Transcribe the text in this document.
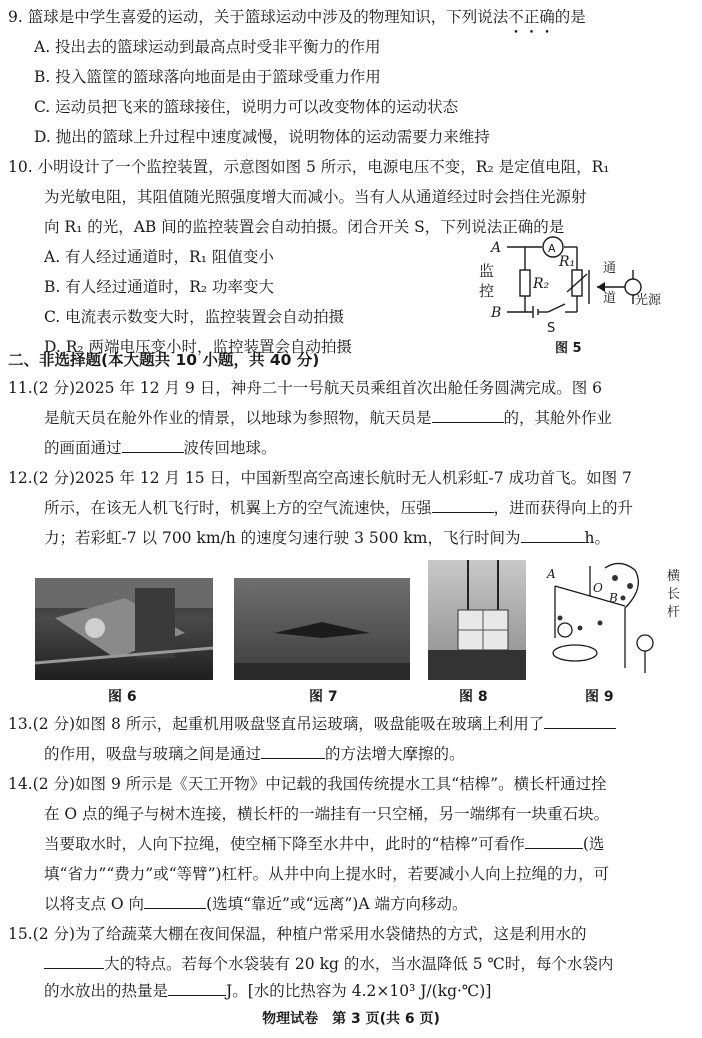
9. 篮球是中学生喜爱的运动，关于篮球运动中涉及的物理知识，下列说法不正确的是
A. 投出去的篮球运动到最高点时受非平衡力的作用
B. 投入篮筐的篮球落向地面是由于篮球受重力作用
C. 运动员把飞来的篮球接住，说明力可以改变物体的运动状态
D. 抛出的篮球上升过程中速度减慢，说明物体的运动需要力来维持
10. 小明设计了一个监控装置，示意图如图 5 所示，电源电压不变，R₂ 是定值电阻，R₁
为光敏电阻，其阻值随光照强度增大而减小。当有人从通道经过时会挡住光源射
向 R₁ 的光，AB 间的监控装置会自动拍摄。闭合开关 S，下列说法正确的是
A. 有人经过通道时，R₁ 阻值变小
B. 有人经过通道时，R₂ 功率变大
C. 电流表示数变大时，监控装置会自动拍摄
D. R₂ 两端电压变小时，监控装置会自动拍摄
A
B
R₂
R₁
A
监
控
S
通
道 光源
图 5
二、非选择题(本大题共 10 小题，共 40 分)
11.(2 分)2025 年 12 月 9 日，神舟二十一号航天员乘组首次出舱任务圆满完成。图 6
是航天员在舱外作业的情景，以地球为参照物，航天员是	的，其舱外作业
的画面通过	波传回地球。
12.(2 分)2025 年 12 月 15 日，中国新型高空高速长航时无人机彩虹-7 成功首飞。如图 7
所示，在该无人机飞行时，机翼上方的空气流速快，压强	，进而获得向上的升
力；若彩虹-7 以 700 km/h 的速度匀速行驶 3 500 km，飞行时间为	h。
A
O
B
横
长
杆
图 6	图 7	图 8	图 9
13.(2 分)如图 8 所示，起重机用吸盘竖直吊运玻璃，吸盘能吸在玻璃上利用了
的作用，吸盘与玻璃之间是通过	的方法增大摩擦的。
14.(2 分)如图 9 所示是《天工开物》中记载的我国传统提水工具“桔槔”。横长杆通过拴
在 O 点的绳子与树木连接，横长杆的一端挂有一只空桶，另一端绑有一块重石块。
当要取水时，人向下拉绳，使空桶下降至水井中，此时的“桔槔”可看作	(选
填“省力”“费力”或“等臂”)杠杆。从井中向上提水时，若要减小人向上拉绳的力，可
以将支点 O 向	(选填“靠近”或“远离”)A 端方向移动。
15.(2 分)为了给蔬菜大棚在夜间保温，种植户常采用水袋储热的方式，这是利用水的
大的特点。若每个水袋装有 20 kg 的水，当水温降低 5 ℃时，每个水袋内
的水放出的热量是	J。[水的比热容为 4.2×10³ J/(kg·℃)]
物理试卷　第 3 页(共 6 页)
